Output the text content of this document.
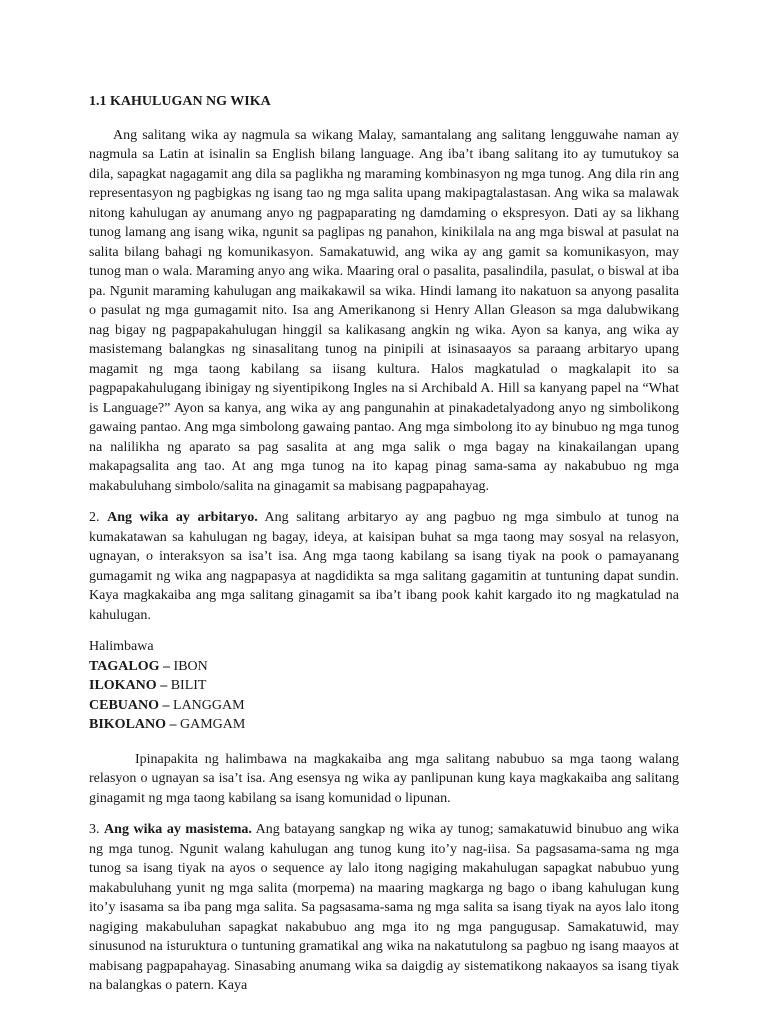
1.1 KAHULUGAN NG WIKA

Ang salitang wika ay nagmula sa wikang Malay, samantalang ang salitang lengguwahe naman ay nagmula sa Latin at isinalin sa English bilang language. Ang iba’t ibang salitang ito ay tumutukoy sa dila, sapagkat nagagamit ang dila sa paglikha ng maraming kombinasyon ng mga tunog. Ang dila rin ang representasyon ng pagbigkas ng isang tao ng mga salita upang makipagtalastasan. Ang wika sa malawak nitong kahulugan ay anumang anyo ng pagpaparating ng damdaming o ekspresyon. Dati ay sa likhang tunog lamang ang isang wika, ngunit sa paglipas ng panahon, kinikilala na ang mga biswal at pasulat na salita bilang bahagi ng komunikasyon. Samakatuwid, ang wika ay ang gamit sa komunikasyon, may tunog man o wala. Maraming anyo ang wika. Maaring oral o pasalita, pasalindila, pasulat, o biswal at iba pa. Ngunit maraming kahulugan ang maikakawil sa wika. Hindi lamang ito nakatuon sa anyong pasalita o pasulat ng mga gumagamit nito. Isa ang Amerikanong si Henry Allan Gleason sa mga dalubwikang nag bigay ng pagpapakahulugan hinggil sa kalikasang angkin ng wika. Ayon sa kanya, ang wika ay masistemang balangkas ng sinasalitang tunog na pinipili at isinasaayos sa paraang arbitaryo upang magamit ng mga taong kabilang sa iisang kultura. Halos magkatulad o magkalapit ito sa pagpapakahulugang ibinigay ng siyentipikong Ingles na si Archibald A. Hill sa kanyang papel na “What is Language?” Ayon sa kanya, ang wika ay ang pangunahin at pinakadetalyadong anyo ng simbolikong gawaing pantao. Ang mga simbolong gawaing pantao. Ang mga simbolong ito ay binubuo ng mga tunog na nalilikha ng aparato sa pag sasalita at ang mga salik o mga bagay na kinakailangan upang makapagsalita ang tao. At ang mga tunog na ito kapag pinag sama-sama ay nakabubuo ng mga makabuluhang simbolo/salita na ginagamit sa mabisang pagpapahayag.

2. Ang wika ay arbitaryo. Ang salitang arbitaryo ay ang pagbuo ng mga simbulo at tunog na kumakatawan sa kahulugan ng bagay, ideya, at kaisipan buhat sa mga taong may sosyal na relasyon, ugnayan, o interaksyon sa isa’t isa. Ang mga taong kabilang sa isang tiyak na pook o pamayanang gumagamit ng wika ang nagpapasya at nagdidikta sa mga salitang gagamitin at tuntuning dapat sundin. Kaya magkakaiba ang mga salitang ginagamit sa iba’t ibang pook kahit kargado ito ng magkatulad na kahulugan.

Halimbawa
TAGALOG – IBON
ILOKANO – BILIT
CEBUANO – LANGGAM
BIKOLANO – GAMGAM

Ipinapakita ng halimbawa na magkakaiba ang mga salitang nabubuo sa mga taong walang relasyon o ugnayan sa isa’t isa. Ang esensya ng wika ay panlipunan kung kaya magkakaiba ang salitang ginagamit ng mga taong kabilang sa isang komunidad o lipunan.

3. Ang wika ay masistema. Ang batayang sangkap ng wika ay tunog; samakatuwid binubuo ang wika ng mga tunog. Ngunit walang kahulugan ang tunog kung ito’y nag-iisa. Sa pagsasama-sama ng mga tunog sa isang tiyak na ayos o sequence ay lalo itong nagiging makahulugan sapagkat nabubuo yung makabuluhang yunit ng mga salita (morpema) na maaring magkarga ng bago o ibang kahulugan kung ito’y isasama sa iba pang mga salita. Sa pagsasama-sama ng mga salita sa isang tiyak na ayos lalo itong nagiging makabuluhan sapagkat nakabubuo ang mga ito ng mga pangugusap. Samakatuwid, may sinusunod na isturuktura o tuntuning gramatikal ang wika na nakatutulong sa pagbuo ng isang maayos at mabisang pagpapahayag. Sinasabing anumang wika sa daigdig ay sistematikong nakaayos sa isang tiyak na balangkas o patern. Kaya
